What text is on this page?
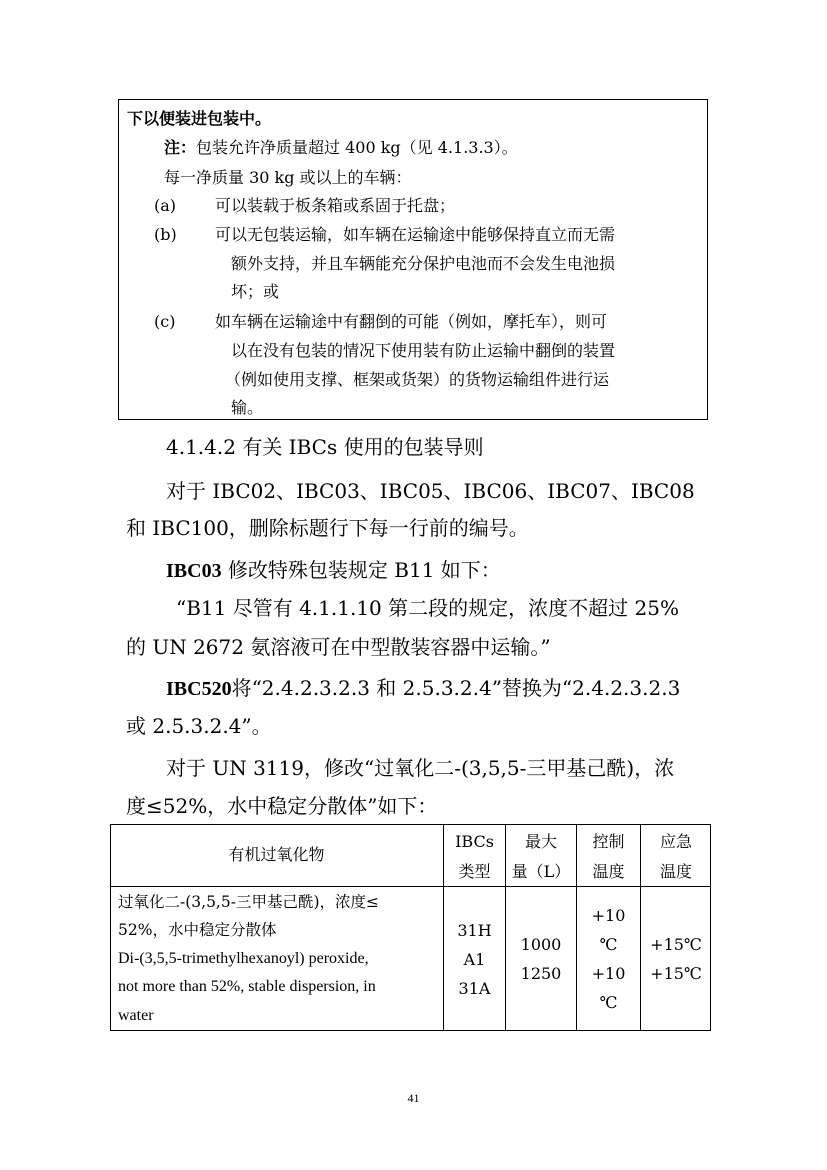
下以便装进包装中。
注：包装允许净质量超过 400 kg（见 4.1.3.3）。
每一净质量 30 kg 或以上的车辆：
(a) 可以装载于板条箱或系固于托盘；
(b) 可以无包装运输，如车辆在运输途中能够保持直立而无需
额外支持，并且车辆能充分保护电池而不会发生电池损
坏；或
(c) 如车辆在运输途中有翻倒的可能（例如，摩托车），则可
以在没有包装的情况下使用装有防止运输中翻倒的装置
（例如使用支撑、框架或货架）的货物运输组件进行运
输。
4.1.4.2 有关 IBCs 使用的包装导则
对于 IBC02、IBC03、IBC05、IBC06、IBC07、IBC08
和 IBC100，删除标题行下每一行前的编号。
IBC03 修改特殊包装规定 B11 如下：
“B11 尽管有 4.1.1.10 第二段的规定，浓度不超过 25%
的 UN 2672 氨溶液可在中型散装容器中运输。”
IBC520将“2.4.2.3.2.3 和 2.5.3.2.4”替换为“2.4.2.3.2.3
或 2.5.3.2.4”。
对于 UN 3119，修改“过氧化二-(3,5,5-三甲基己酰)，浓
度≤52%，水中稳定分散体”如下：
有机过氧化物
IBCs
类型
最大
量（L）
控制
温度
应急
温度
过氧化二-(3,5,5-三甲基己酰)，浓度≤
52%，水中稳定分散体
Di-(3,5,5-trimethylhexanoyl) peroxide,
not more than 52%, stable dispersion, in
water
31H
A1
31A
1000
1250
+10
℃
+10
℃
+15℃
+15℃
41
